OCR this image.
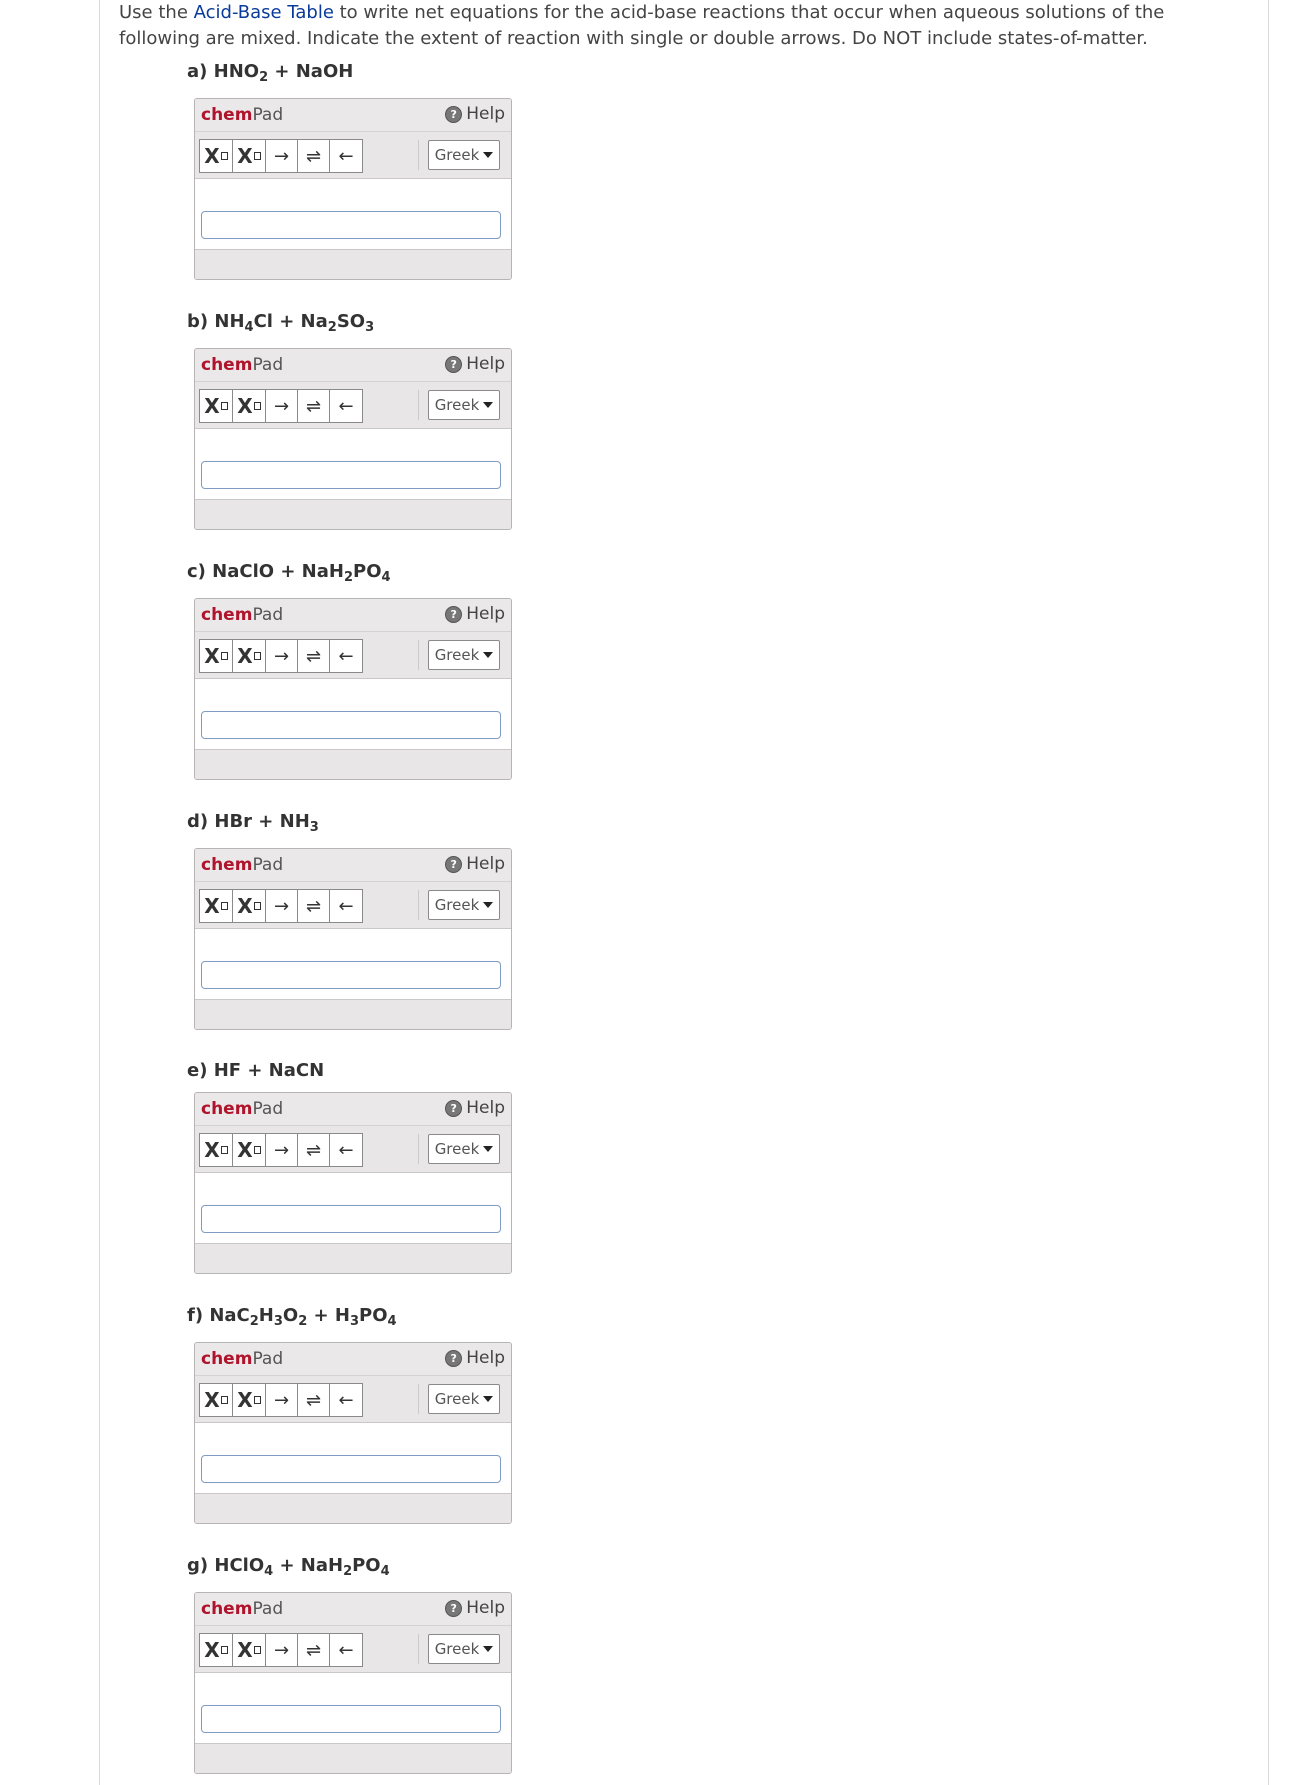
Use the Acid-Base Table to write net equations for the acid-base reactions that occur when aqueous solutions of the following are mixed. Indicate the extent of reaction with single or double arrows. Do NOT include states-of-matter.
a) $HNO_2$ + NaOH
b) $NH_4Cl + Na_2SO_3$
c) NaClO + $NaH_2PO_4$
d) HBr + $NH_3$
e) HF + NaCN
f) $NaC_2H_3O_2 + H_3PO_4$
g) HClO$_4$ + $NaH_2PO_4$
chemPad	? Help
X X	→ ⇌ ←	Greek
chemPad	? Help
X X	→ ⇌ ←	Greek
chemPad	? Help
X X	→ ⇌ ←	Greek
chemPad	? Help
X X	→ ⇌ ←	Greek
chemPad	? Help
X X	→ ⇌ ←	Greek
chemPad	? Help
X X	→ ⇌ ←	Greek
chemPad	? Help
X X	→ ⇌ ←	Greek
